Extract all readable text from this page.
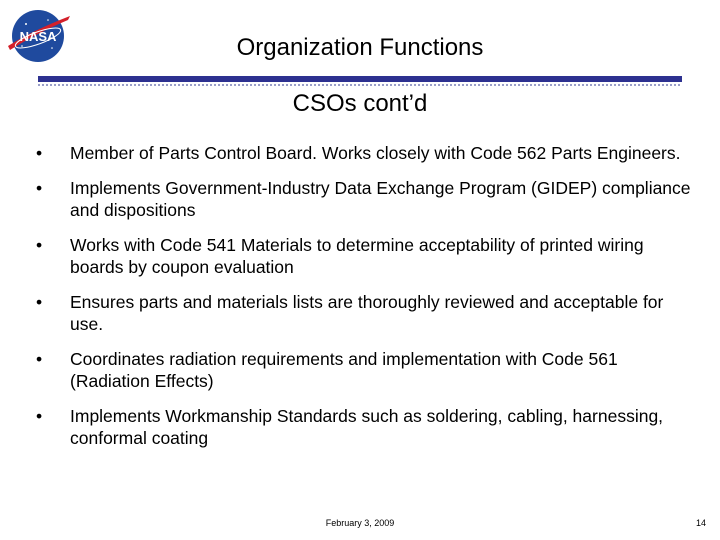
NASA	Organization Functions
CSOs cont’d
•	Member of Parts Control Board. Works closely with Code 562 Parts Engineers.
•	Implements Government-Industry Data Exchange Program (GIDEP) compliance and dispositions
•	Works with Code 541 Materials to determine acceptability of printed wiring boards by coupon evaluation
•	Ensures parts and materials lists are thoroughly reviewed and acceptable for use.
•	Coordinates radiation requirements and implementation with Code 561 (Radiation Effects)
•	Implements Workmanship Standards such as soldering, cabling, harnessing, conformal coating
February 3, 2009	14
